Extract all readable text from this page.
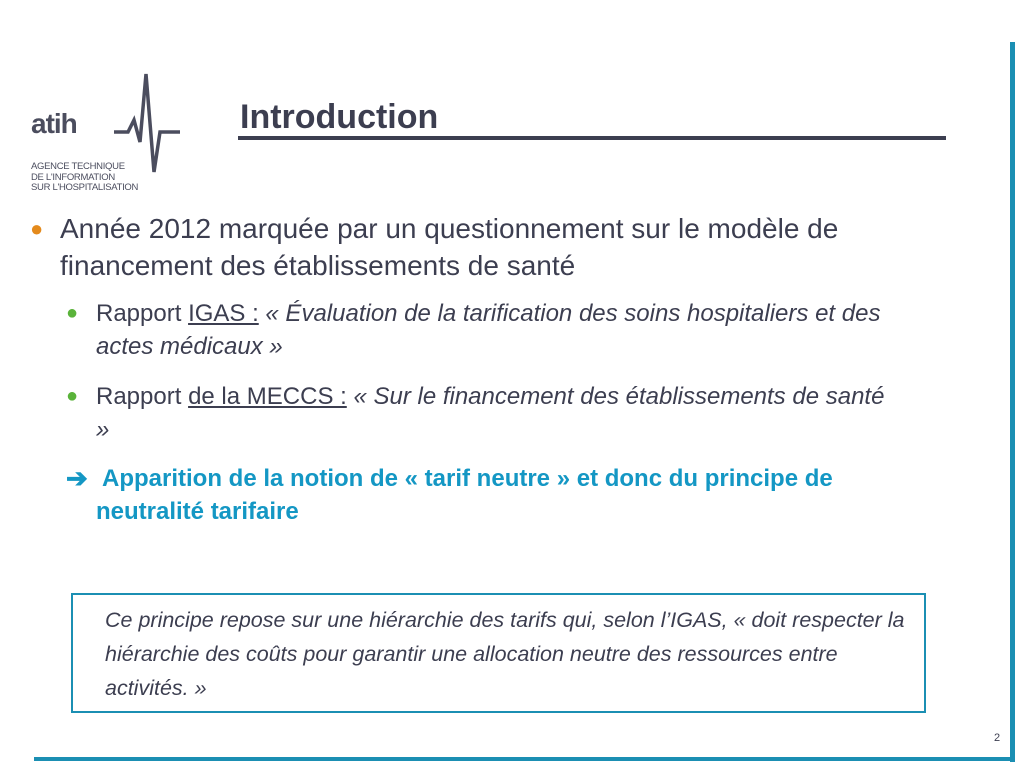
atih
AGENCE TECHNIQUE
DE L'INFORMATION
SUR L'HOSPITALISATION
Introduction
● Année 2012 marquée par un questionnement sur le modèle de financement des établissements de santé
● Rapport IGAS : « Évaluation de la tarification des soins hospitaliers et des actes médicaux »
● Rapport de la MECCS : « Sur le financement des établissements de santé »
➔ Apparition de la notion de « tarif neutre » et donc du principe de neutralité tarifaire
Ce principe repose sur une hiérarchie des tarifs qui, selon l’IGAS, « doit respecter la hiérarchie des coûts pour garantir une allocation neutre des ressources entre activités. »
2
